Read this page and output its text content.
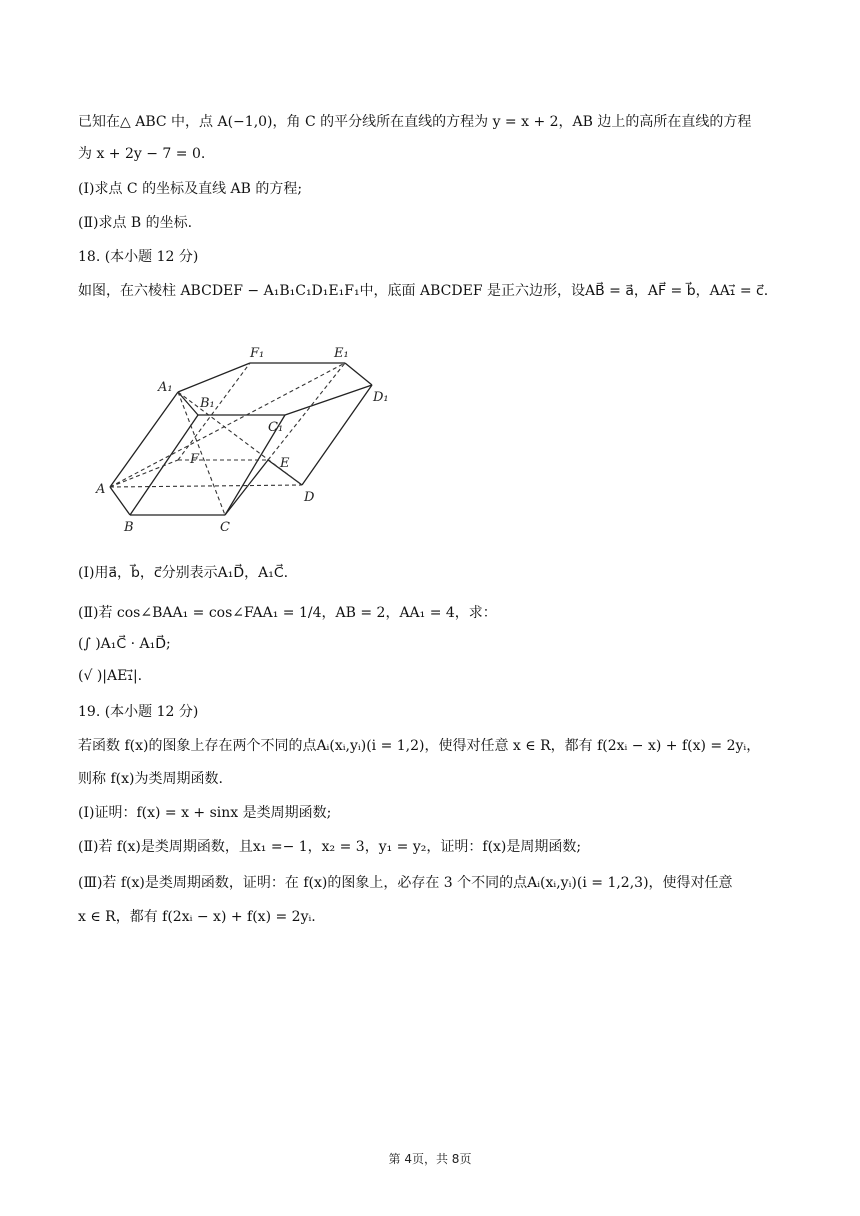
已知在△ ABC 中，点 A(−1,0)，角 C 的平分线所在直线的方程为 y = x + 2，AB 边上的高所在直线的方程
为 x + 2y − 7 = 0.
(Ⅰ)求点 C 的坐标及直线 AB 的方程;
(Ⅱ)求点 B 的坐标.
18. (本小题 12 分)
如图，在六棱柱 ABCDEF − A₁B₁C₁D₁E₁F₁中，底面 ABCDEF 是正六边形，设AB⃗ = a⃗，AF⃗ = b⃗，AA₁⃗ = c⃗.
A
B	C
D
E
F
A₁
B₁
C₁
D₁
E₁
F₁
(Ⅰ)用a⃗，b⃗，c⃗分别表示A₁D⃗，A₁C⃗.
(Ⅱ)若 cos∠BAA₁ = cos∠FAA₁ = 1/4，AB = 2，AA₁ = 4，求：
(∫ )A₁C⃗ · A₁D⃗;
(√ )|AE₁⃗|.
19. (本小题 12 分)
若函数 f(x)的图象上存在两个不同的点Aᵢ(xᵢ,yᵢ)(i = 1,2)，使得对任意 x ∈ R，都有 f(2xᵢ − x) + f(x) = 2yᵢ，
则称 f(x)为类周期函数.
(Ⅰ)证明：f(x) = x + sinx 是类周期函数;
(Ⅱ)若 f(x)是类周期函数，且x₁ =− 1，x₂ = 3，y₁ = y₂，证明：f(x)是周期函数;
(Ⅲ)若 f(x)是类周期函数，证明：在 f(x)的图象上，必存在 3 个不同的点Aᵢ(xᵢ,yᵢ)(i = 1,2,3)，使得对任意
x ∈ R，都有 f(2xᵢ − x) + f(x) = 2yᵢ.
第 4页，共 8页
